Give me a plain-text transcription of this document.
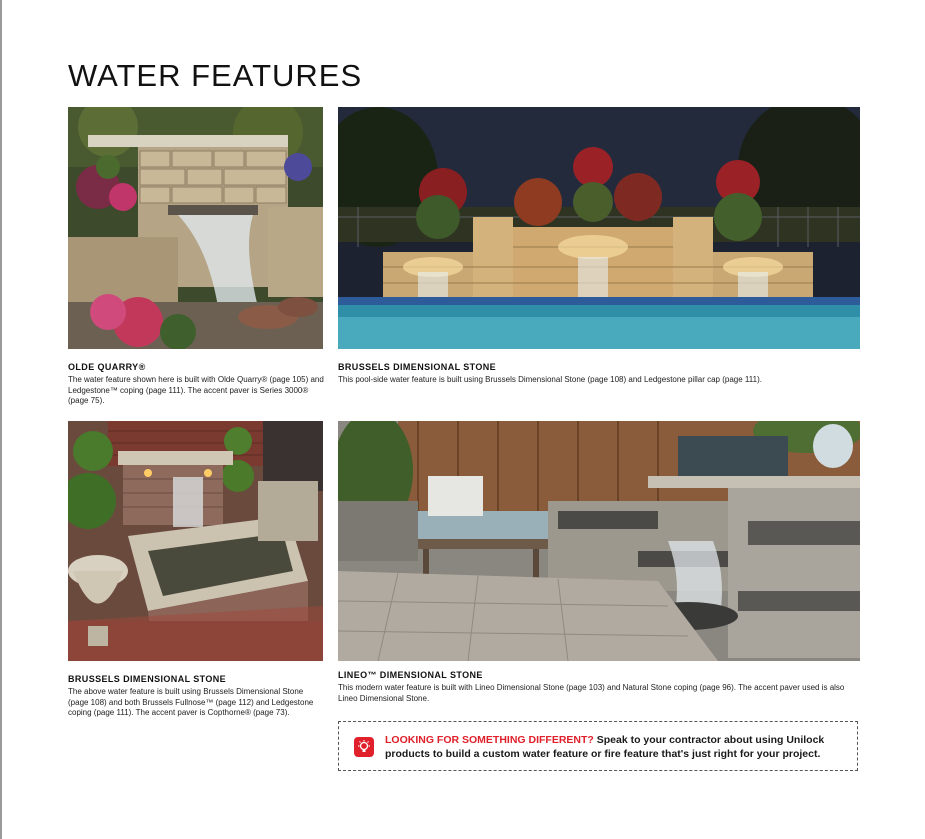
WATER FEATURES

OLDE QUARRY®

The water feature shown here is built with Olde Quarry® (page 105) and Ledgestone™ coping (page 111). The accent paver is Series 3000® (page 75).

BRUSSELS DIMENSIONAL STONE

This pool-side water feature is built using Brussels Dimensional Stone (page 108) and Ledgestone pillar cap (page 111).

BRUSSELS DIMENSIONAL STONE

The above water feature is built using Brussels Dimensional Stone (page 108) and both Brussels Fullnose™ (page 112) and Ledgestone coping (page 111). The accent paver is Copthorne® (page 73).

LINEO™ DIMENSIONAL STONE

This modern water feature is built with Lineo Dimensional Stone (page 103) and Natural Stone coping (page 96). The accent paver used is also Lineo Dimensional Stone.

LOOKING FOR SOMETHING DIFFERENT? Speak to your contractor about using Unilock products to build a custom water feature or fire feature that's just right for your project.
